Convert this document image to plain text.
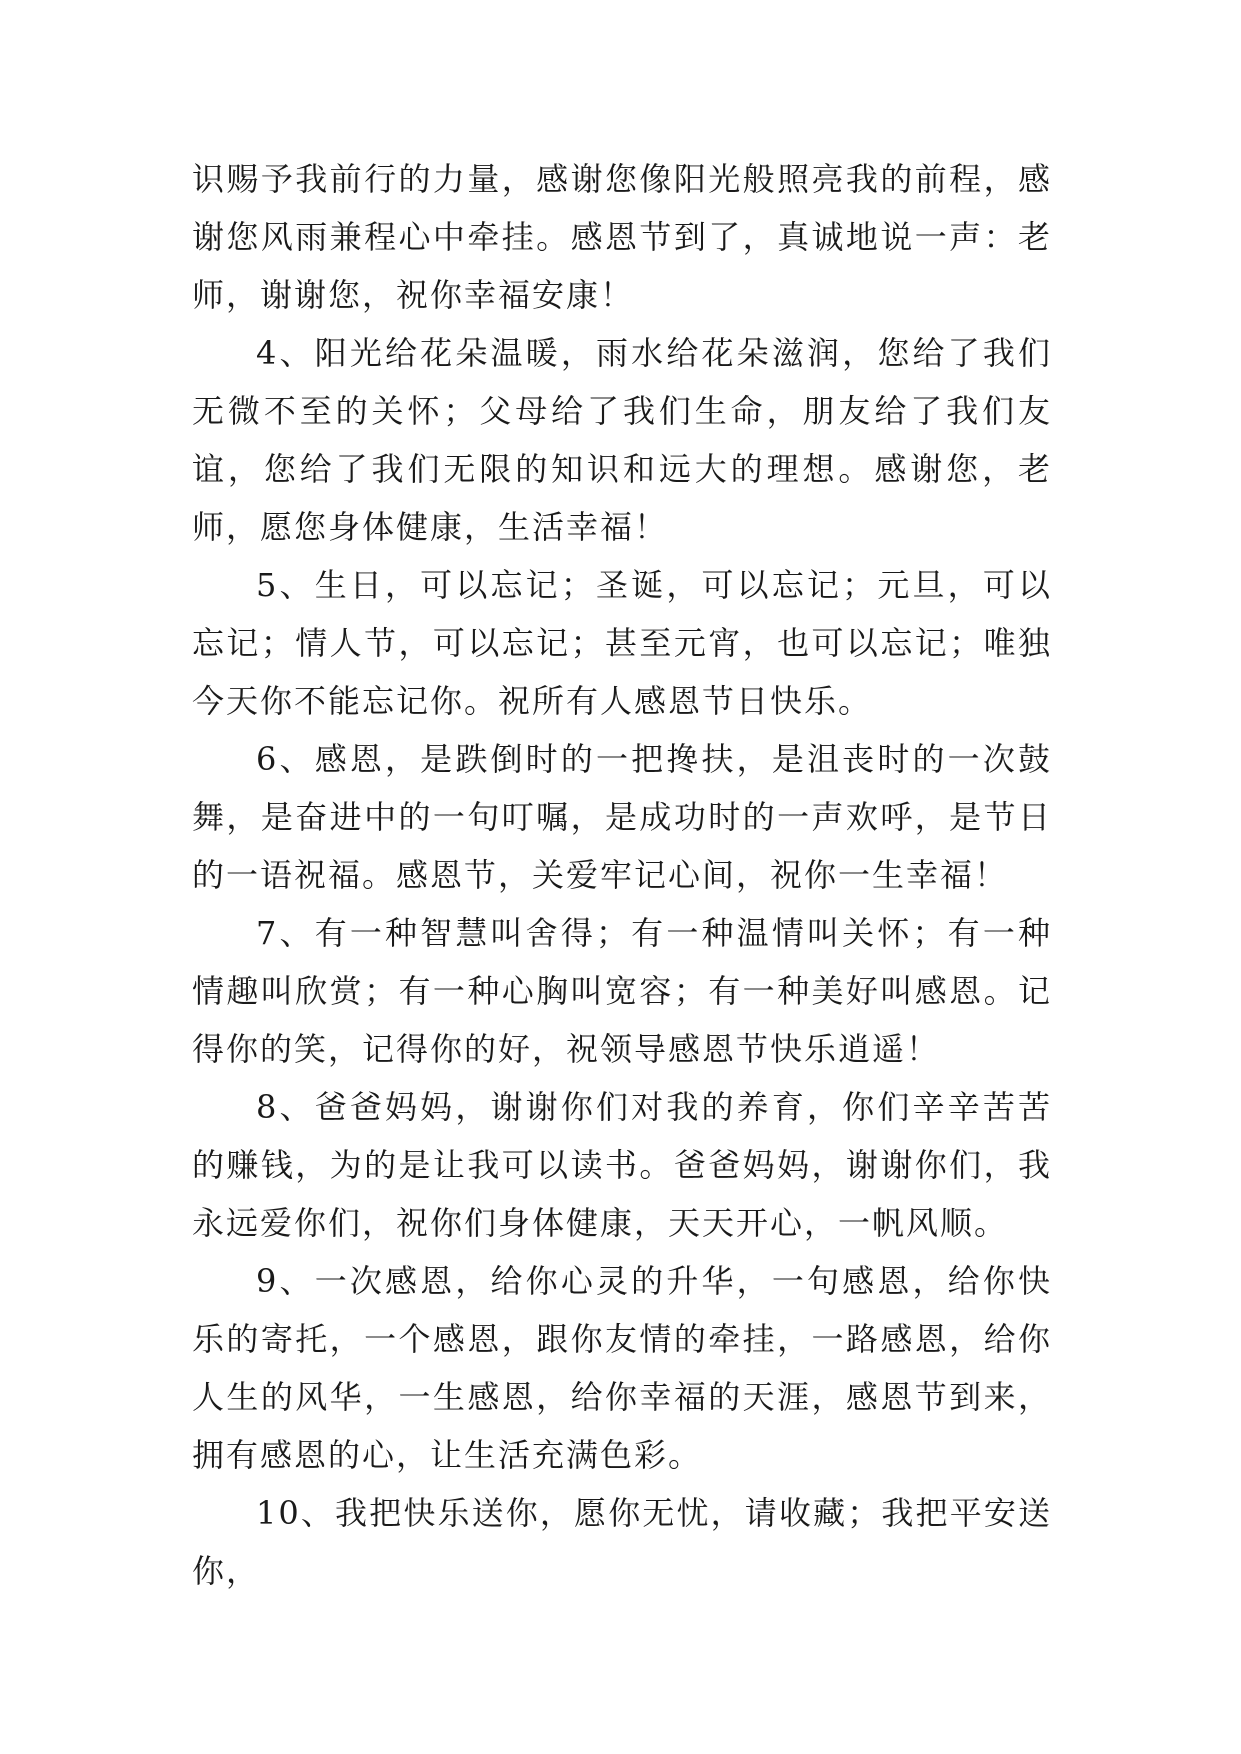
识赐予我前行的力量，感谢您像阳光般照亮我的前程，感谢您风雨兼程心中牵挂。感恩节到了，真诚地说一声：老师，谢谢您，祝你幸福安康！

4、阳光给花朵温暖，雨水给花朵滋润，您给了我们无微不至的关怀；父母给了我们生命，朋友给了我们友谊，您给了我们无限的知识和远大的理想。感谢您，老师，愿您身体健康，生活幸福！

5、生日，可以忘记；圣诞，可以忘记；元旦，可以忘记；情人节，可以忘记；甚至元宵，也可以忘记；唯独今天你不能忘记你。祝所有人感恩节日快乐。

6、感恩，是跌倒时的一把搀扶，是沮丧时的一次鼓舞，是奋进中的一句叮嘱，是成功时的一声欢呼，是节日的一语祝福。感恩节，关爱牢记心间，祝你一生幸福！

7、有一种智慧叫舍得；有一种温情叫关怀；有一种情趣叫欣赏；有一种心胸叫宽容；有一种美好叫感恩。记得你的笑，记得你的好，祝领导感恩节快乐逍遥！

8、爸爸妈妈，谢谢你们对我的养育，你们辛辛苦苦的赚钱，为的是让我可以读书。爸爸妈妈，谢谢你们，我永远爱你们，祝你们身体健康，天天开心，一帆风顺。

9、一次感恩，给你心灵的升华，一句感恩，给你快乐的寄托，一个感恩，跟你友情的牵挂，一路感恩，给你人生的风华，一生感恩，给你幸福的天涯，感恩节到来，拥有感恩的心，让生活充满色彩。

10、我把快乐送你，愿你无忧，请收藏；我把平安送你，
